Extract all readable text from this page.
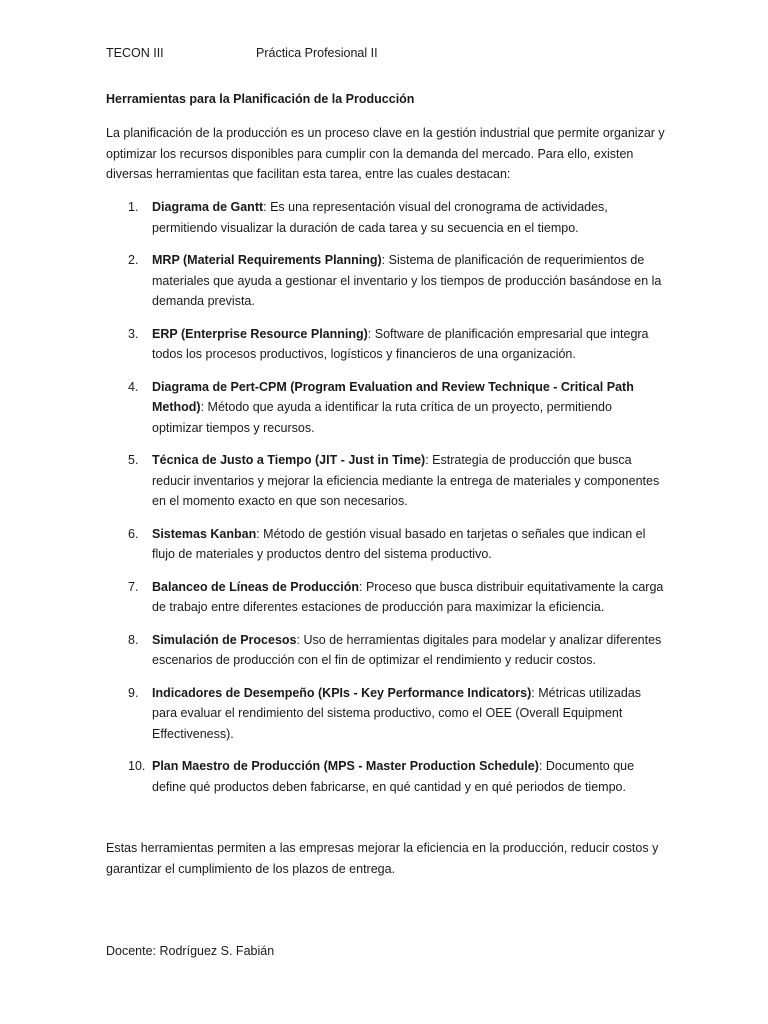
TECON III	Práctica Profesional II
Herramientas para la Planificación de la Producción

La planificación de la producción es un proceso clave en la gestión industrial que permite organizar y optimizar los recursos disponibles para cumplir con la demanda del mercado. Para ello, existen diversas herramientas que facilitan esta tarea, entre las cuales destacan:

1.	Diagrama de Gantt: Es una representación visual del cronograma de actividades, permitiendo visualizar la duración de cada tarea y su secuencia en el tiempo.
2.	MRP (Material Requirements Planning): Sistema de planificación de requerimientos de materiales que ayuda a gestionar el inventario y los tiempos de producción basándose en la demanda prevista.
3.	ERP (Enterprise Resource Planning): Software de planificación empresarial que integra todos los procesos productivos, logísticos y financieros de una organización.
4.	Diagrama de Pert-CPM (Program Evaluation and Review Technique - Critical Path Method): Método que ayuda a identificar la ruta crítica de un proyecto, permitiendo optimizar tiempos y recursos.
5.	Técnica de Justo a Tiempo (JIT - Just in Time): Estrategia de producción que busca reducir inventarios y mejorar la eficiencia mediante la entrega de materiales y componentes en el momento exacto en que son necesarios.
6.	Sistemas Kanban: Método de gestión visual basado en tarjetas o señales que indican el flujo de materiales y productos dentro del sistema productivo.
7.	Balanceo de Líneas de Producción: Proceso que busca distribuir equitativamente la carga de trabajo entre diferentes estaciones de producción para maximizar la eficiencia.
8.	Simulación de Procesos: Uso de herramientas digitales para modelar y analizar diferentes escenarios de producción con el fin de optimizar el rendimiento y reducir costos.
9.	Indicadores de Desempeño (KPIs - Key Performance Indicators): Métricas utilizadas para evaluar el rendimiento del sistema productivo, como el OEE (Overall Equipment Effectiveness).
10. Plan Maestro de Producción (MPS - Master Production Schedule): Documento que define qué productos deben fabricarse, en qué cantidad y en qué periodos de tiempo.

Estas herramientas permiten a las empresas mejorar la eficiencia en la producción, reducir costos y garantizar el cumplimiento de los plazos de entrega.

Docente: Rodríguez S. Fabián
